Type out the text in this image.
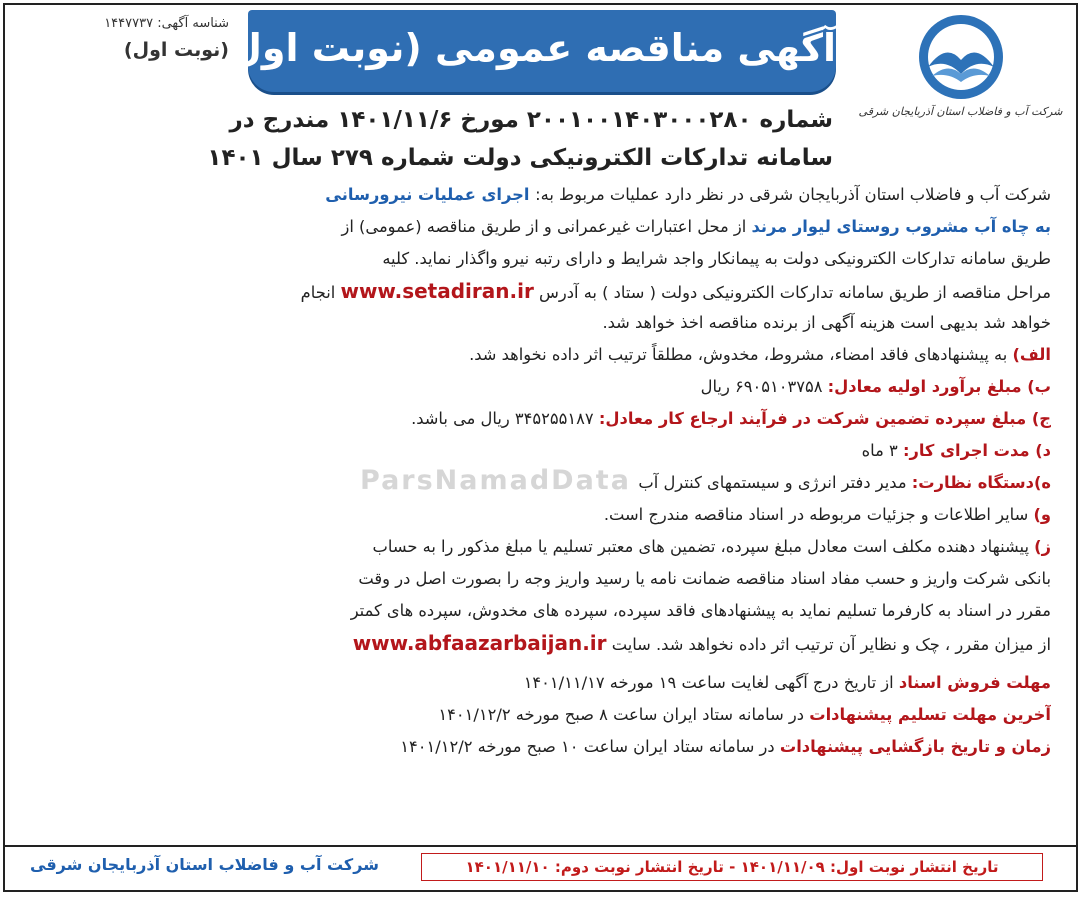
آگهی مناقصه عمومی (نوبت اول)
شرکت آب و فاضلاب استان آذربایجان شرقی
شناسه آگهی: ۱۴۴۷۷۳۷
(نوبت اول)
شماره ۲۰۰۱۰۰۱۴۰۳۰۰۰۲۸۰ مورخ ۱۴۰۱/۱۱/۶ مندرج در
سامانه تدارکات الکترونیکی دولت شماره ۲۷۹ سال ۱۴۰۱
ParsNamadData
شرکت آب و فاضلاب استان آذربایجان شرقی در نظر دارد عملیات مربوط به: اجرای عملیات نیرورسانی
به چاه آب مشروب روستای لیوار مرند از محل اعتبارات غیرعمرانی و از طریق مناقصه (عمومی) از
طریق سامانه تدارکات الکترونیکی دولت به پیمانکار واجد شرایط و دارای رتبه نیرو واگذار نماید. کلیه
مراحل مناقصه از طریق سامانه تدارکات الکترونیکی دولت ( ستاد ) به آدرس www.setadiran.ir انجام
خواهد شد بدیهی است هزینه آگهی از برنده مناقصه اخذ خواهد شد.
الف) به پیشنهادهای فاقد امضاء، مشروط، مخدوش، مطلقاً ترتیب اثر داده نخواهد شد.
ب) مبلغ برآورد اولیه معادل: ۶۹۰۵۱۰۳۷۵۸ ریال
ج) مبلغ سپرده تضمین شرکت در فرآیند ارجاع کار معادل: ۳۴۵۲۵۵۱۸۷ ریال می باشد.
د) مدت اجرای کار: ۳ ماه
ه)دستگاه نظارت: مدیر دفتر انرژی و سیستمهای کنترل آب
و) سایر اطلاعات و جزئیات مربوطه در اسناد مناقصه مندرج است.
ز) پیشنهاد دهنده مکلف است معادل مبلغ سپرده، تضمین های معتبر تسلیم یا مبلغ مذکور را به حساب
بانکی شرکت واریز و حسب مفاد اسناد مناقصه ضمانت نامه یا رسید واریز وجه را بصورت اصل در وقت
مقرر در اسناد به کارفرما تسلیم نماید به پیشنهادهای فاقد سپرده، سپرده های مخدوش، سپرده های کمتر
از میزان مقرر ، چک و نظایر آن ترتیب اثر داده نخواهد شد. سایت www.abfaazarbaijan.ir
مهلت فروش اسناد از تاریخ درج آگهی لغایت ساعت ۱۹ مورخه ۱۴۰۱/۱۱/۱۷
آخرین مهلت تسلیم پیشنهادات در سامانه ستاد ایران ساعت ۸ صبح مورخه ۱۴۰۱/۱۲/۲
زمان و تاریخ بازگشایی پیشنهادات در سامانه ستاد ایران ساعت ۱۰ صبح مورخه ۱۴۰۱/۱۲/۲
تاریخ انتشار نوبت اول: ۱۴۰۱/۱۱/۰۹ - تاریخ انتشار نوبت دوم: ۱۴۰۱/۱۱/۱۰
شرکت آب و فاضلاب استان آذربایجان شرقی
